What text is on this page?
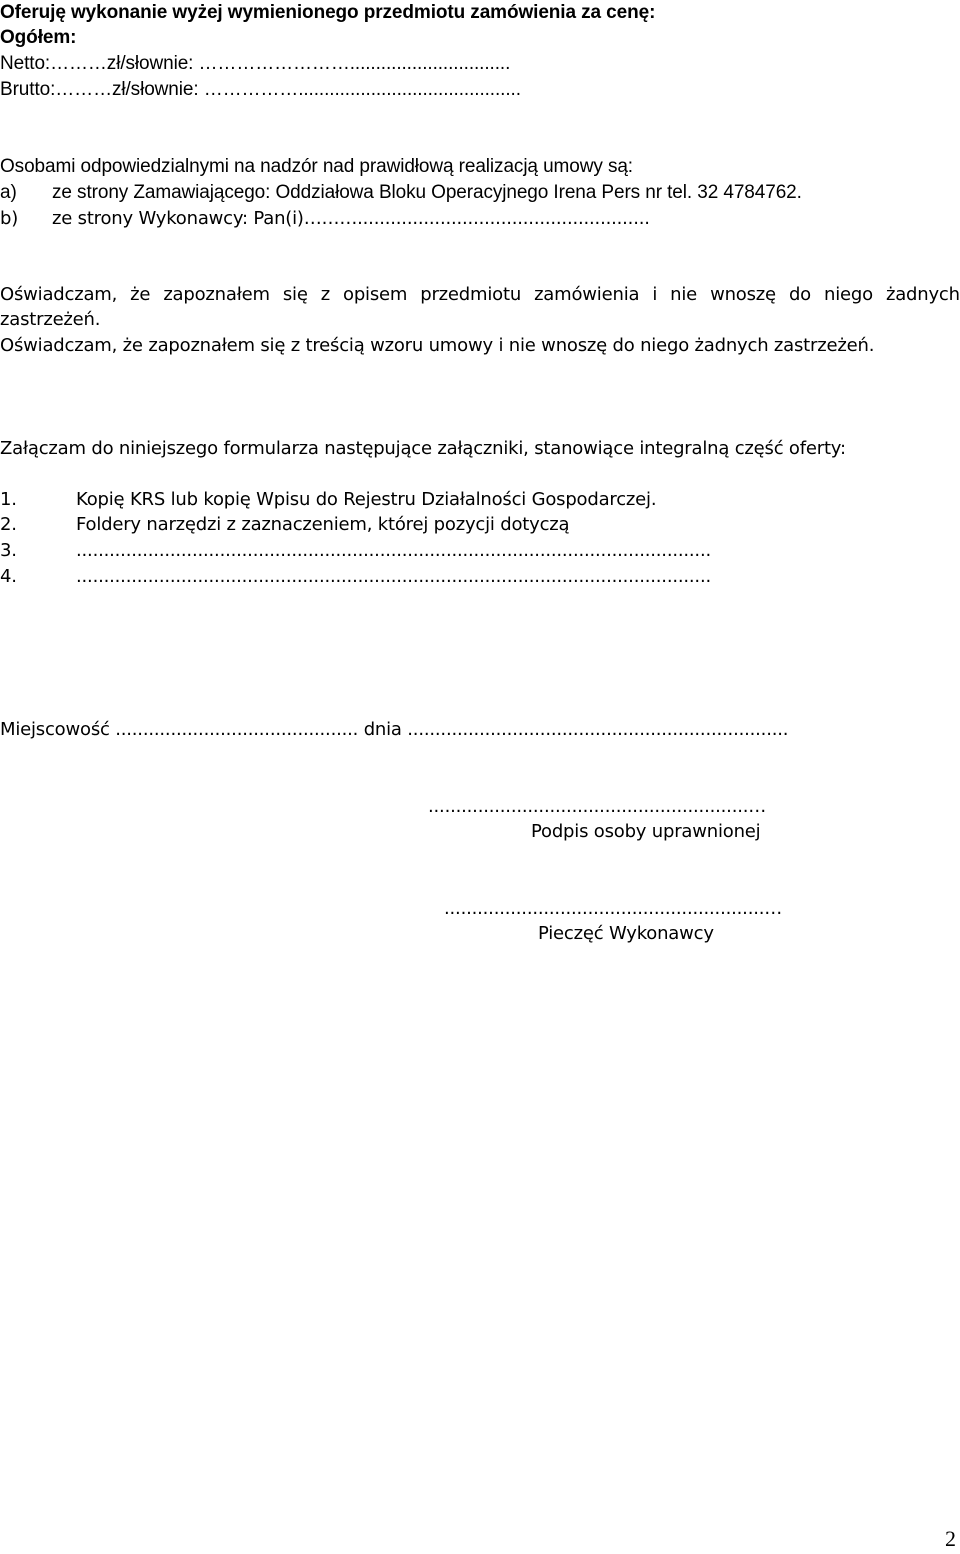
Oferuję wykonanie wyżej wymienionego przedmiotu zamówienia za cenę:
Ogółem:
Netto:………zł/słownie: ……………………...............................
Brutto:………zł/słownie: ……………...........................................
Osobami odpowiedzialnymi na nadzór nad prawidłową realizacją umowy są:
a) ze strony Zamawiającego: Oddziałowa Bloku Operacyjnego Irena Pers nr tel. 32 4784762.
b) ze strony Wykonawcy: Pan(i)……….....................................................
Oświadczam, że zapoznałem się z opisem przedmiotu zamówienia i nie wnoszę do niego żadnych
zastrzeżeń.
Oświadczam, że zapoznałem się z treścią wzoru umowy i nie wnoszę do niego żadnych zastrzeżeń.
Załączam do niniejszego formularza następujące załączniki, stanowiące integralną część oferty:
1.	Kopię KRS lub kopię Wpisu do Rejestru Działalności Gospodarczej.
2.	Foldery narzędzi z zaznaczeniem, której pozycji dotyczą
3.	...................................................................................................................
4.	...................................................................................................................
Miejscowość ............................................ dnia .....................................................................
..........................................................…
Podpis osoby uprawnionej
..........................................................…
Pieczęć Wykonawcy
2
